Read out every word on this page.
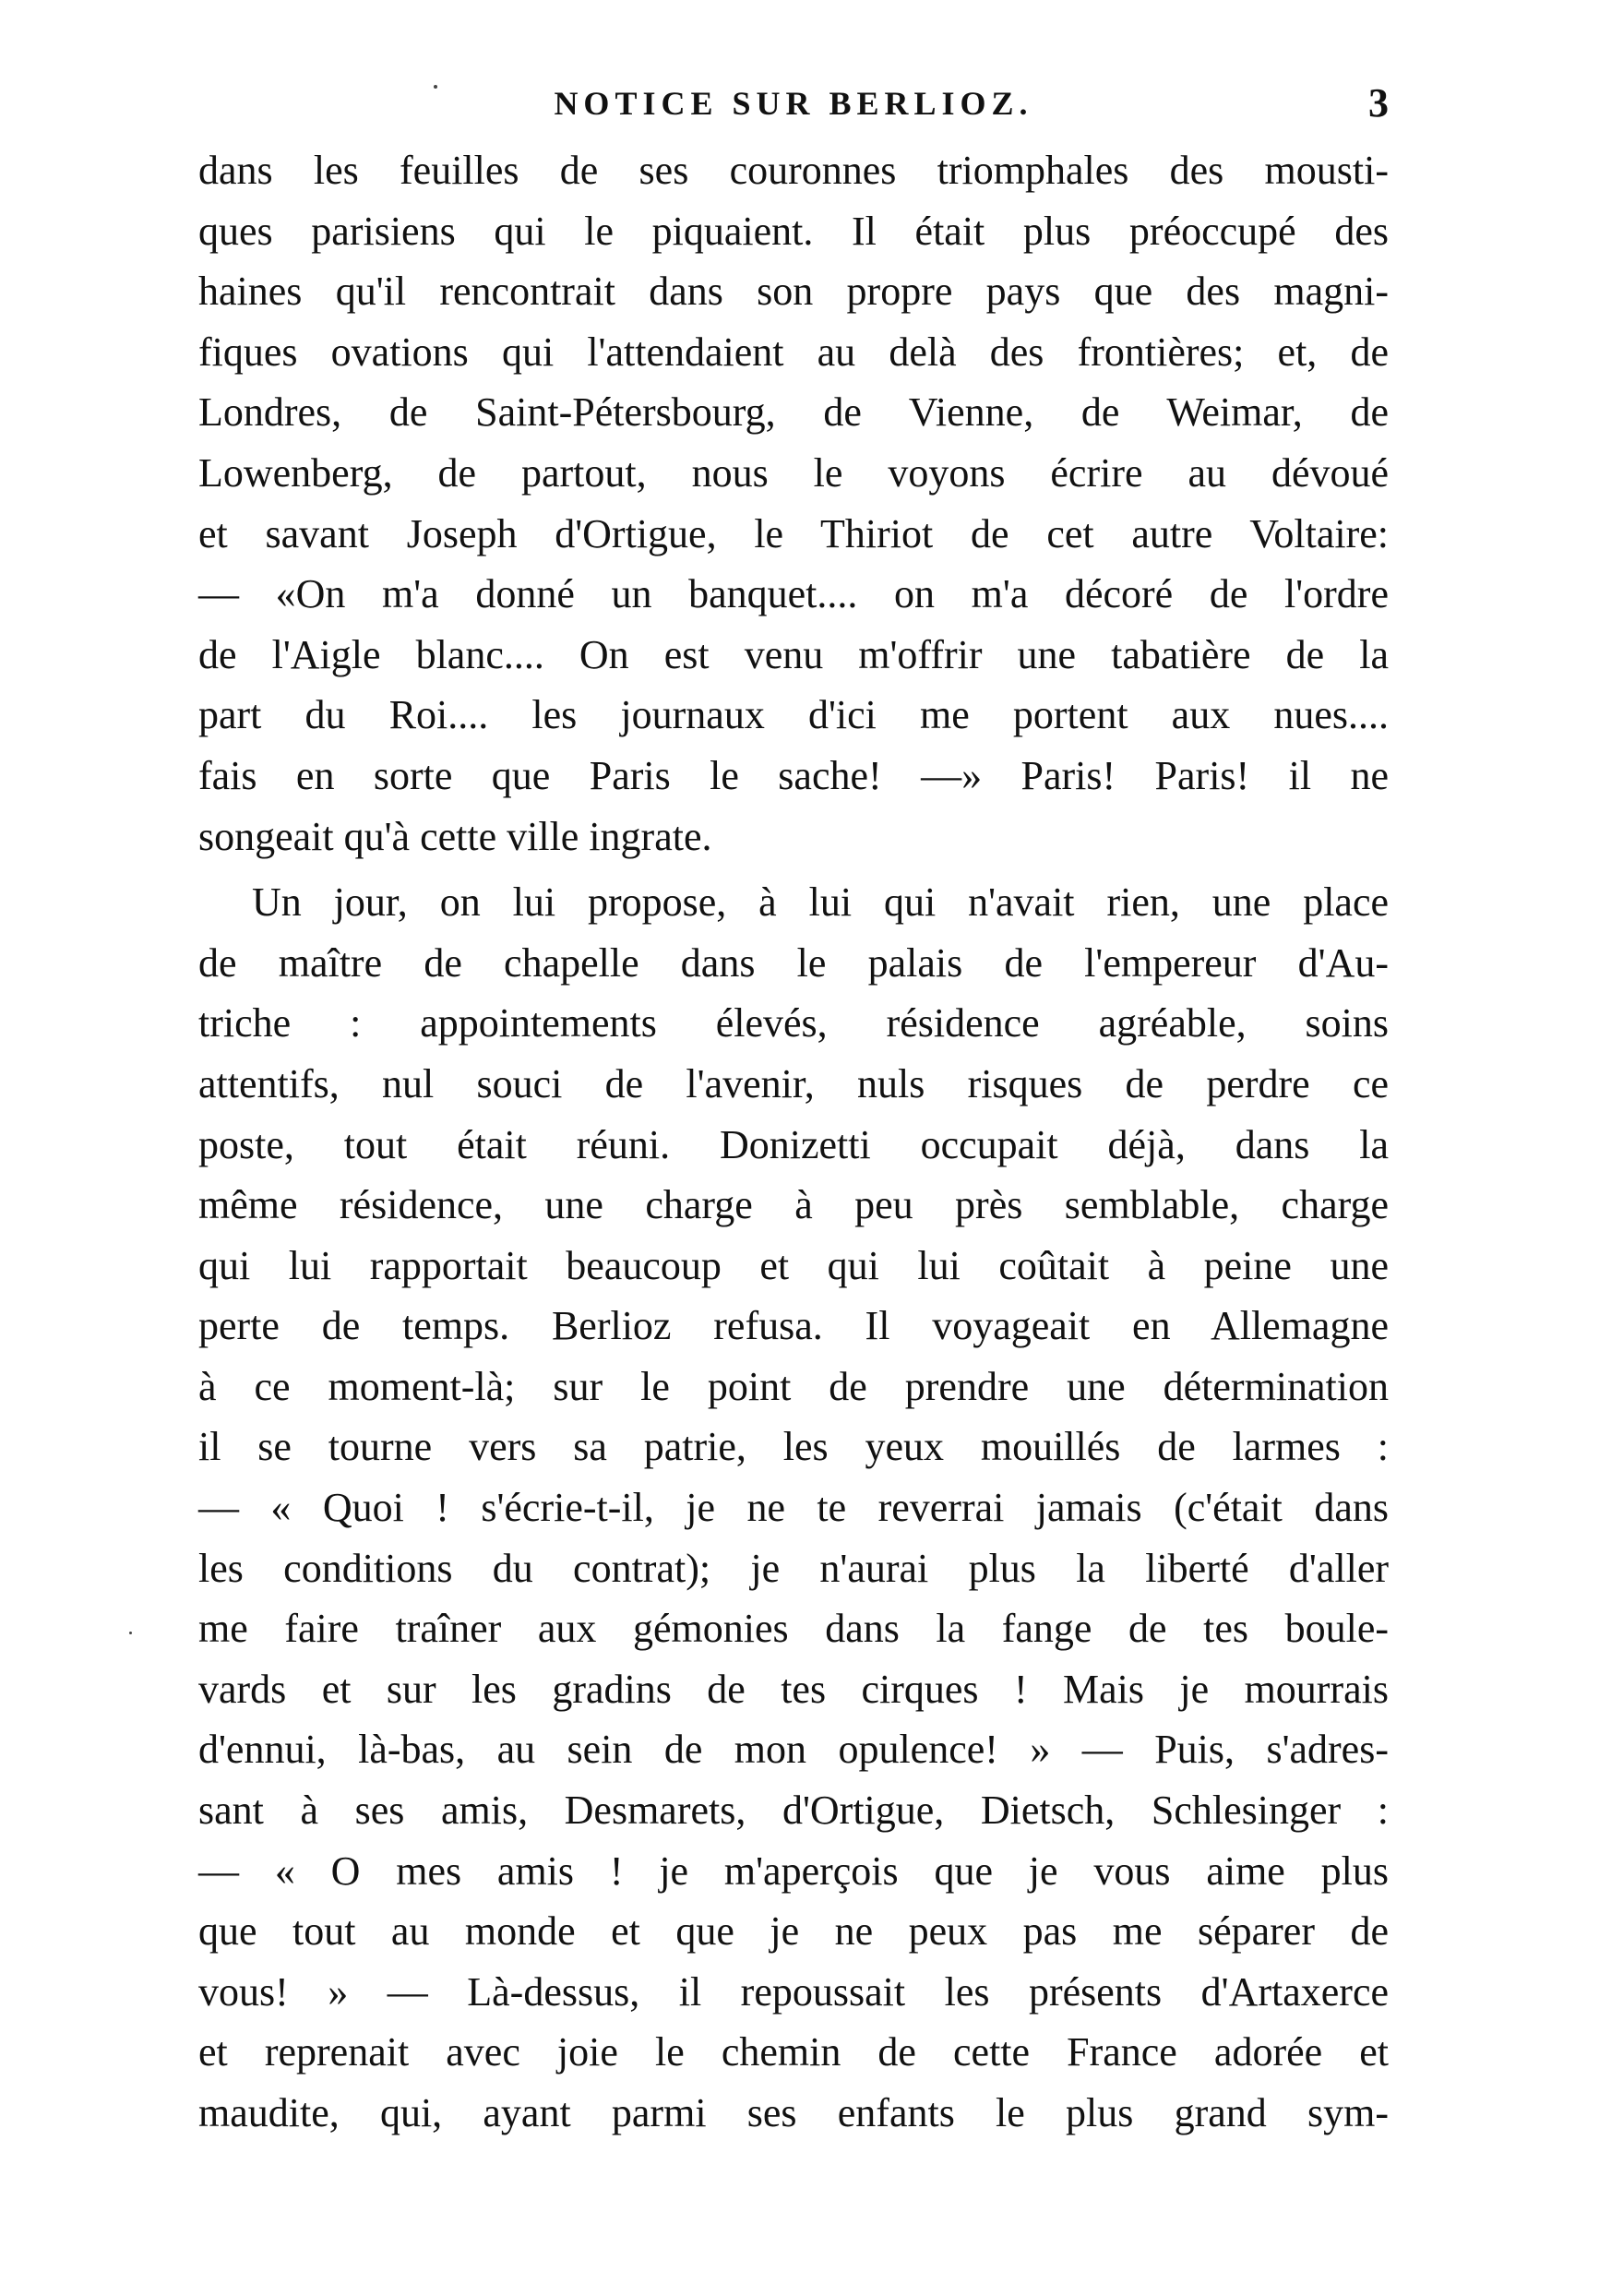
NOTICE SUR BERLIOZ.	3
dans les feuilles de ses couronnes triomphales des mousti-
ques parisiens qui le piquaient. Il était plus préoccupé des
haines qu'il rencontrait dans son propre pays que des magni-
fiques ovations qui l'attendaient au delà des frontières; et, de
Londres, de Saint-Pétersbourg, de Vienne, de Weimar, de
Lowenberg, de partout, nous le voyons écrire au dévoué
et savant Joseph d'Ortigue, le Thiriot de cet autre Voltaire:
— «On m'a donné un banquet.... on m'a décoré de l'ordre
de l'Aigle blanc.... On est venu m'offrir une tabatière de la
part du Roi.... les journaux d'ici me portent aux nues....
fais en sorte que Paris le sache! —» Paris! Paris! il ne
songeait qu'à cette ville ingrate.
Un jour, on lui propose, à lui qui n'avait rien, une place
de maître de chapelle dans le palais de l'empereur d'Au-
triche : appointements élevés, résidence agréable, soins
attentifs, nul souci de l'avenir, nuls risques de perdre ce
poste, tout était réuni. Donizetti occupait déjà, dans la
même résidence, une charge à peu près semblable, charge
qui lui rapportait beaucoup et qui lui coûtait à peine une
perte de temps. Berlioz refusa. Il voyageait en Allemagne
à ce moment-là; sur le point de prendre une détermination
il se tourne vers sa patrie, les yeux mouillés de larmes :
— « Quoi ! s'écrie-t-il, je ne te reverrai jamais (c'était dans
les conditions du contrat); je n'aurai plus la liberté d'aller
me faire traîner aux gémonies dans la fange de tes boule-
vards et sur les gradins de tes cirques ! Mais je mourrais
d'ennui, là-bas, au sein de mon opulence! » — Puis, s'adres-
sant à ses amis, Desmarets, d'Ortigue, Dietsch, Schlesinger :
— « O mes amis ! je m'aperçois que je vous aime plus
que tout au monde et que je ne peux pas me séparer de
vous! » — Là-dessus, il repoussait les présents d'Artaxerce
et reprenait avec joie le chemin de cette France adorée et
maudite, qui, ayant parmi ses enfants le plus grand sym-
